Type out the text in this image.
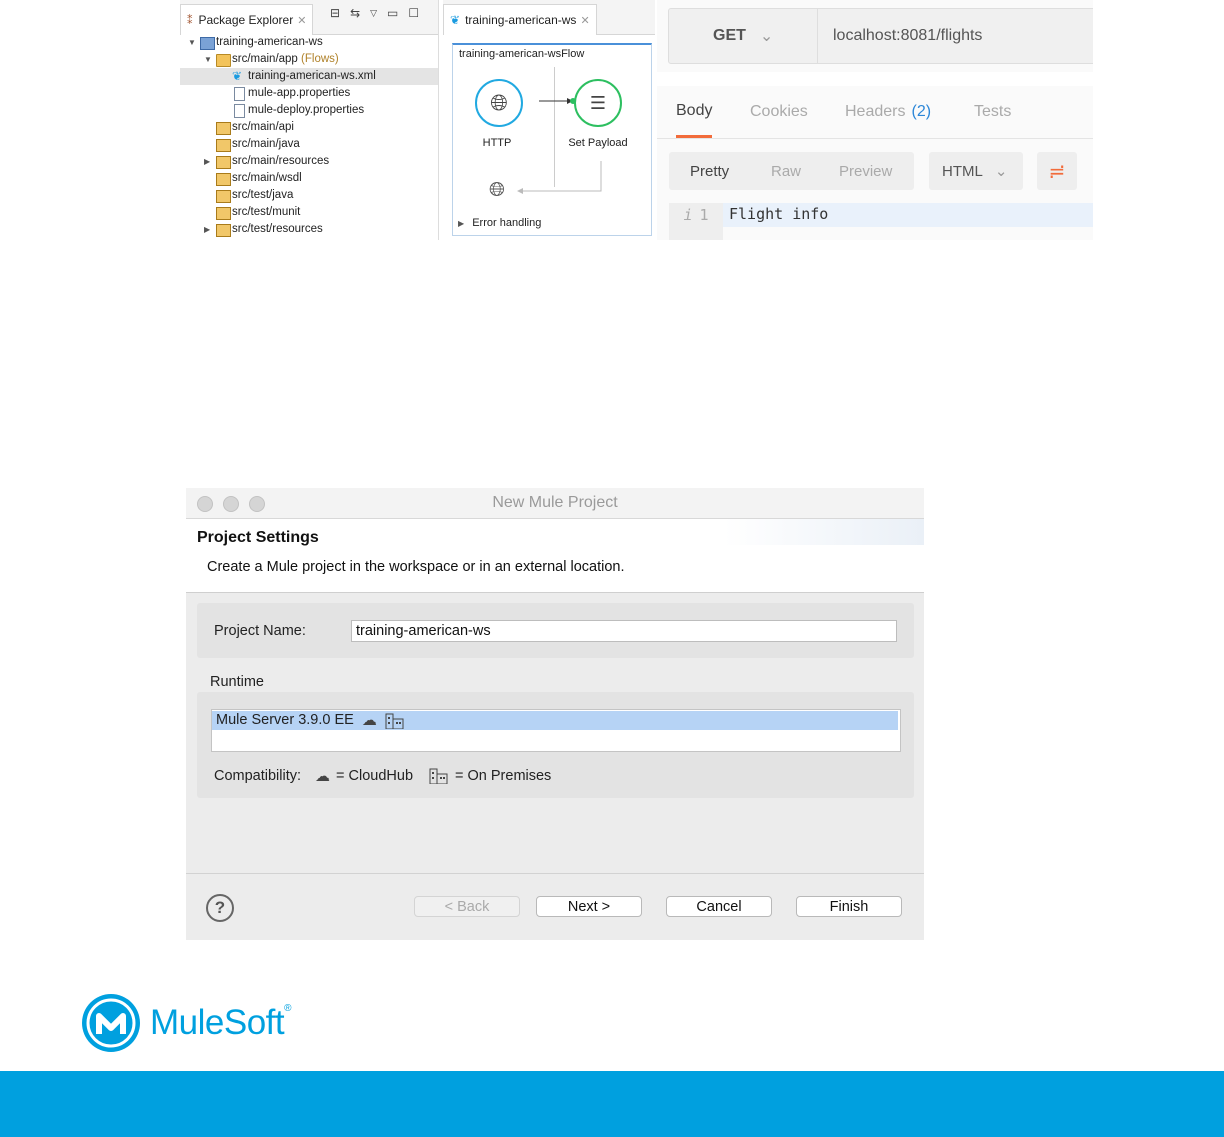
⁑ Package Explorer ✕
⊟ ⇆ ▽ ▭ ☐
▼ training-american-ws
▼ src/main/app (Flows)
❦ training-american-ws.xml
mule-app.properties
mule-deploy.properties
src/main/api
src/main/java
▶	src/main/resources
src/main/wsdl
src/test/java
src/test/munit
▶	src/test/resources
❦ training-american-ws ✕
training-american-wsFlow
🌐︎
HTTP
☰
Set Payload
🌐︎
▶ Error handling
GET ⌄	localhost:8081/flights
Body Cookies Headers (2)	Tests
Pretty	Raw	Preview	HTML ⌄	≓
i 1 Flight info
New Mule Project
Project Settings
Create a Mule project in the workspace or in an external location.
Project Name:
training-american-ws
Runtime
Mule Server 3.9.0 EE ☁︎
Compatibility: ☁︎ = CloudHub	= On Premises
?	< Back	Next >	Cancel	Finish
MuleSoft®
